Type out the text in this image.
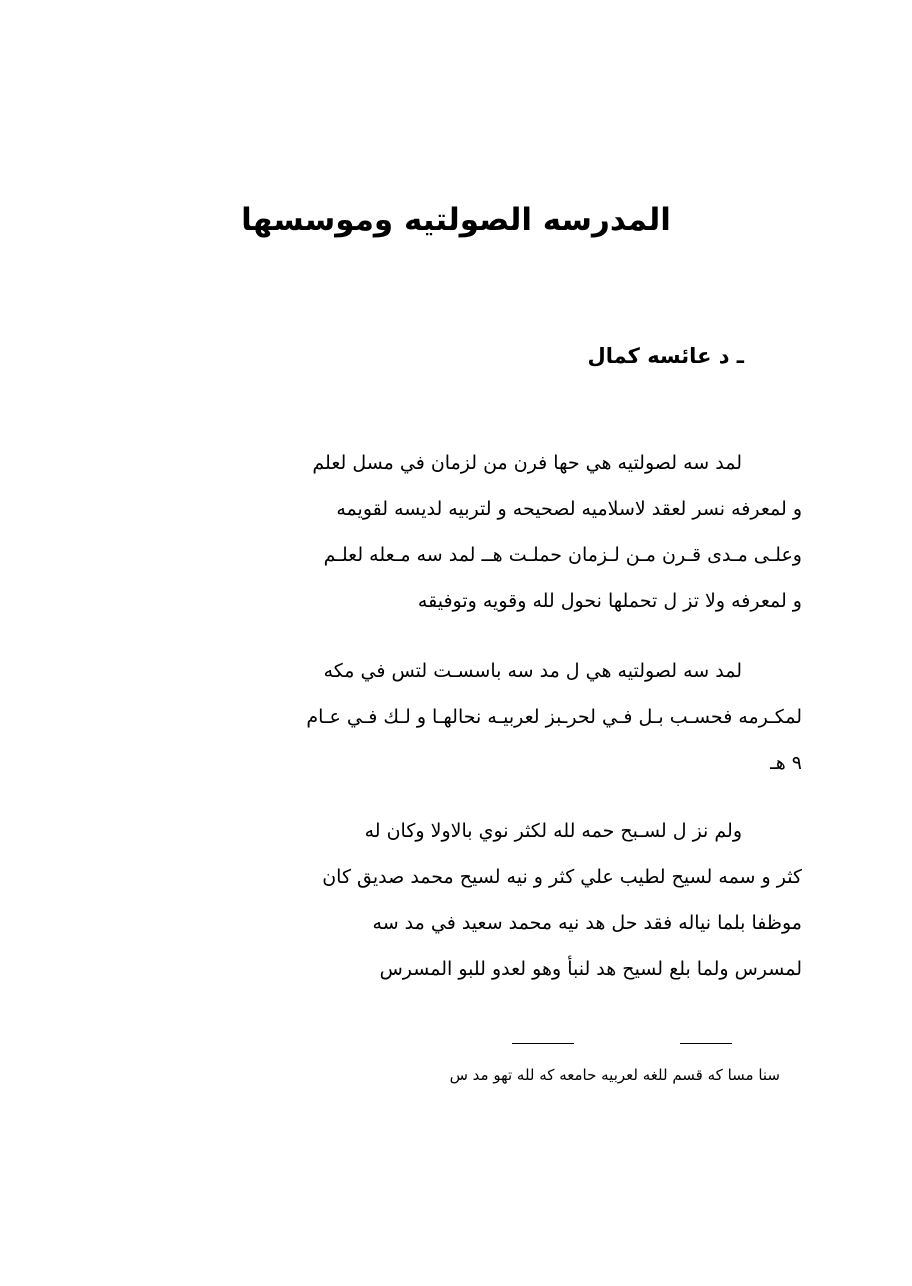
المدرسه الصولتيه وموسسها
ـ د عائسه كمال

لمد سه لصولتيه هي حها فرن من لزمان في مسل لعلم
و لمعرفه نسر لعقد لاسلاميه لصحيحه و لتربيه لديسه لقويمه
وعلـى مـدى قـرن مـن لـزمان حملـت هــ لمد سه مـعله لعلـم
و لمعرفه ولا تز ل تحملها نحول لله وقويه وتوفيقه

لمد سه لصولتيه هي ل مد سه باسسـت لتس في مكه
لمكـرمه فحسـب بـل فـي لحرـبز لعربيـه نحالهـا و لـك فـي عـام
٩ هـ

ولم نز ل لسـبح حمه لله لكثر نوي بالاولا وكان له
كثر و سمه لسيح لطيب علي كثر و نيه لسيح محمد صديق كان
موظفا بلما نياله فقد حل هد نيه محمد سعيد في مد سه
لمسرس ولما بلع لسيح هد لنبأ وهو لعدو للبو المسرس

سنا مسا كه قسم للغه لعربيه حامعه كه لله تهو مد س
